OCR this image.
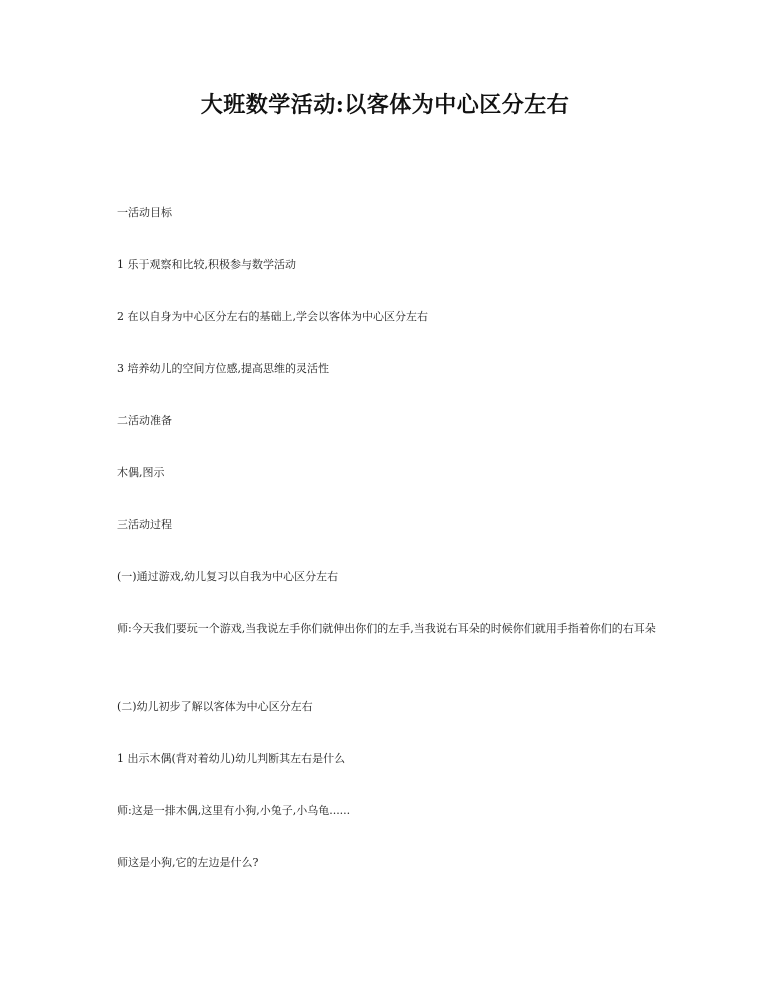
大班数学活动:以客体为中心区分左右

一活动目标

1 乐于观察和比较,积极参与数学活动

2 在以自身为中心区分左右的基础上,学会以客体为中心区分左右

3 培养幼儿的空间方位感,提高思维的灵活性

二活动准备

木偶,图示

三活动过程

(一)通过游戏,幼儿复习以自我为中心区分左右

师:今天我们要玩一个游戏,当我说左手你们就伸出你们的左手,当我说右耳朵的时候你们就用手指着你们的右耳朵

(二)幼儿初步了解以客体为中心区分左右

1 出示木偶(背对着幼儿)幼儿判断其左右是什么

师:这是一排木偶,这里有小狗,小兔子,小乌龟......

师这是小狗,它的左边是什么?
